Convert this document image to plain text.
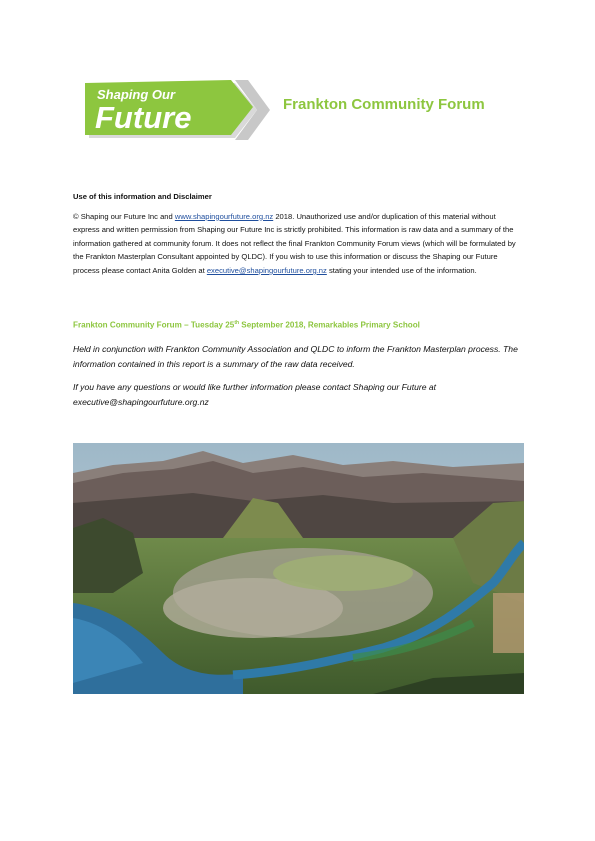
Shaping Our
Future	Frankton Community Forum

Use of this information and Disclaimer

© Shaping our Future Inc and www.shapingourfuture.org.nz 2018. Unauthorized use and/or duplication of this material without express and written permission from Shaping our Future Inc is strictly prohibited. This information is raw data and a summary of the information gathered at community forum. It does not reflect the final Frankton Community Forum views (which will be formulated by the Frankton Masterplan Consultant appointed by QLDC). If you wish to use this information or discuss the Shaping our Future process please contact Anita Golden at executive@shapingourfuture.org.nz stating your intended use of the information.

Frankton Community Forum – Tuesday 25th September 2018, Remarkables Primary School

Held in conjunction with Frankton Community Association and QLDC to inform the Frankton Masterplan process. The information contained in this report is a summary of the raw data received.

If you have any questions or would like further information please contact Shaping our Future at executive@shapingourfuture.org.nz
